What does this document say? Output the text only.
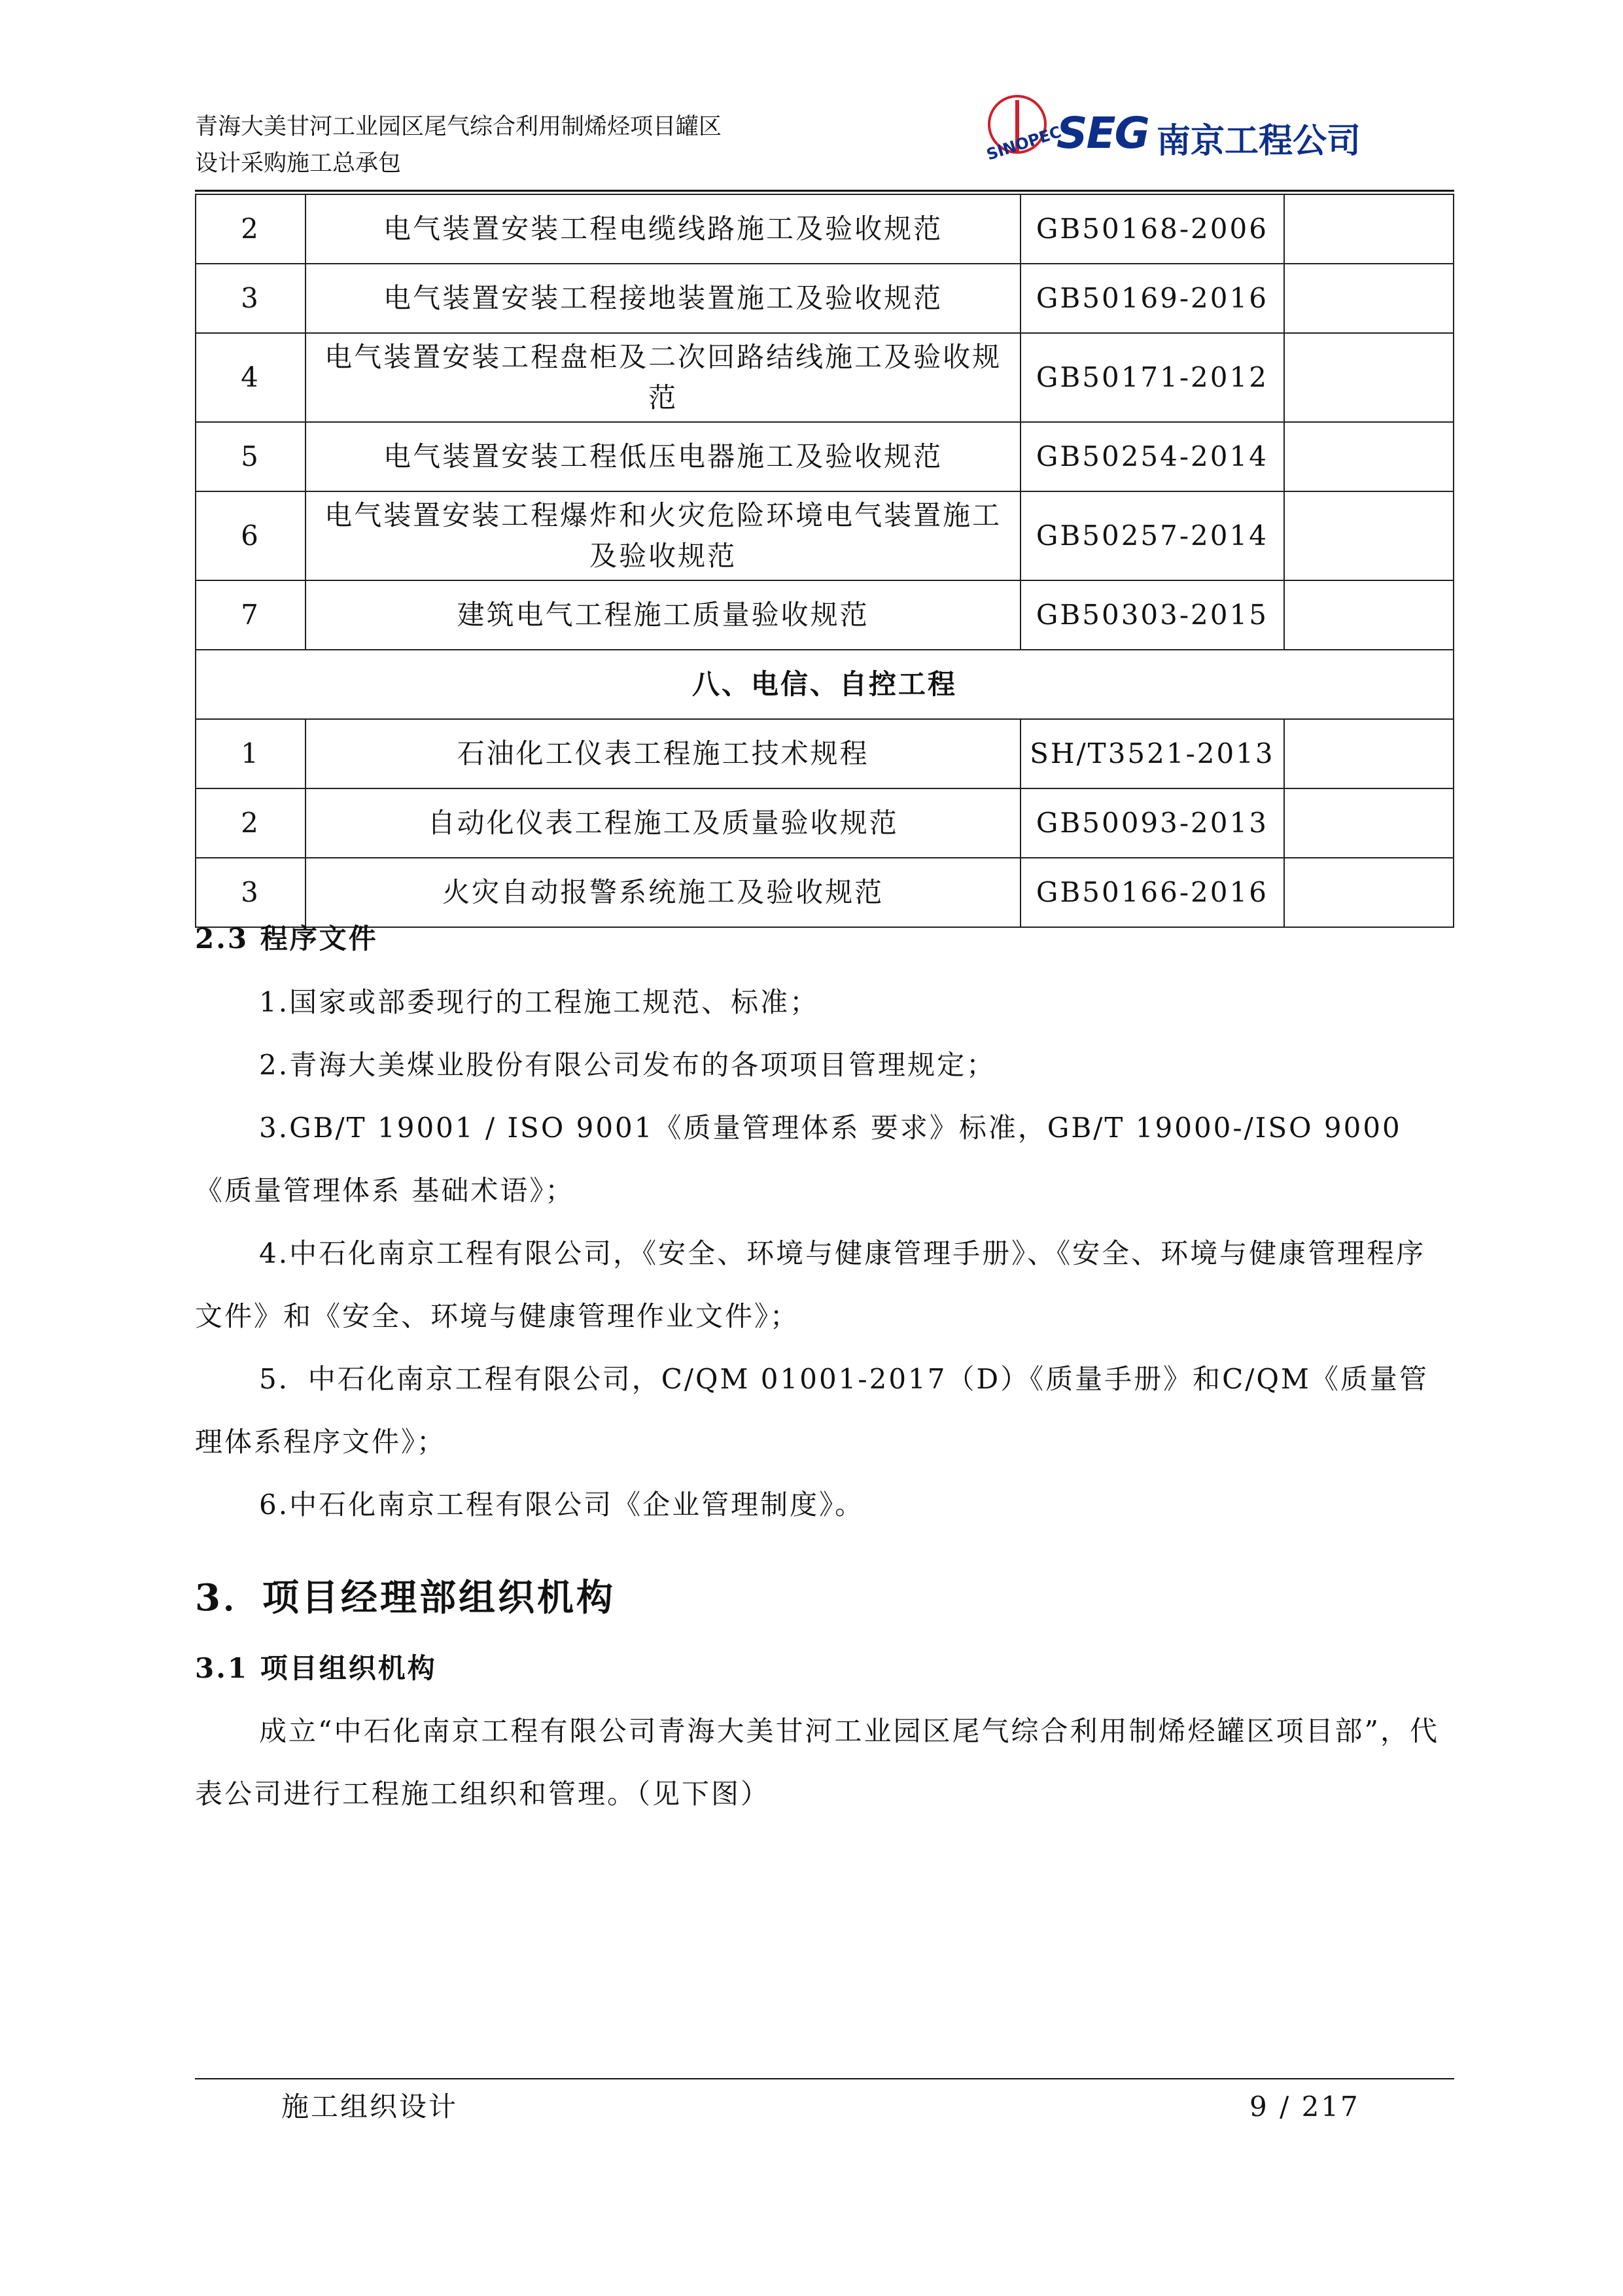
青海大美甘河工业园区尾气综合利用制烯烃项目罐区
设计采购施工总承包	SINOPEC
SEG 南京工程公司
2	电气装置安装工程电缆线路施工及验收规范	GB50168-2006	
3	电气装置安装工程接地装置施工及验收规范	GB50169-2016	
4	电气装置安装工程盘柜及二次回路结线施工及验收规范	GB50171-2012	
5	电气装置安装工程低压电器施工及验收规范	GB50254-2014	
6	电气装置安装工程爆炸和火灾危险环境电气装置施工及验收规范	GB50257-2014	
7	建筑电气工程施工质量验收规范	GB50303-2015	
八、电信、自控工程			
1	石油化工仪表工程施工技术规程	SH/T3521-2013	
2	自动化仪表工程施工及质量验收规范	GB50093-2013	
3	火灾自动报警系统施工及验收规范	GB50166-2016	
2.3 程序文件
1.国家或部委现行的工程施工规范、标准；
2.青海大美煤业股份有限公司发布的各项项目管理规定；
3.GB/T 19001 / ISO 9001《质量管理体系 要求》标准，GB/T 19000-/ISO 9000《质量管理体系 基础术语》；
4.中石化南京工程有限公司，《安全、环境与健康管理手册》、《安全、环境与健康管理程序文件》和《安全、环境与健康管理作业文件》；
5．中石化南京工程有限公司，C/QM 01001-2017（D）《质量手册》和C/QM《质量管理体系程序文件》；
6.中石化南京工程有限公司《企业管理制度》。
3．项目经理部组织机构
3.1 项目组织机构
成立“中石化南京工程有限公司青海大美甘河工业园区尾气综合利用制烯烃罐区项目部”，代表公司进行工程施工组织和管理。（见下图）
施工组织设计	9 / 217
